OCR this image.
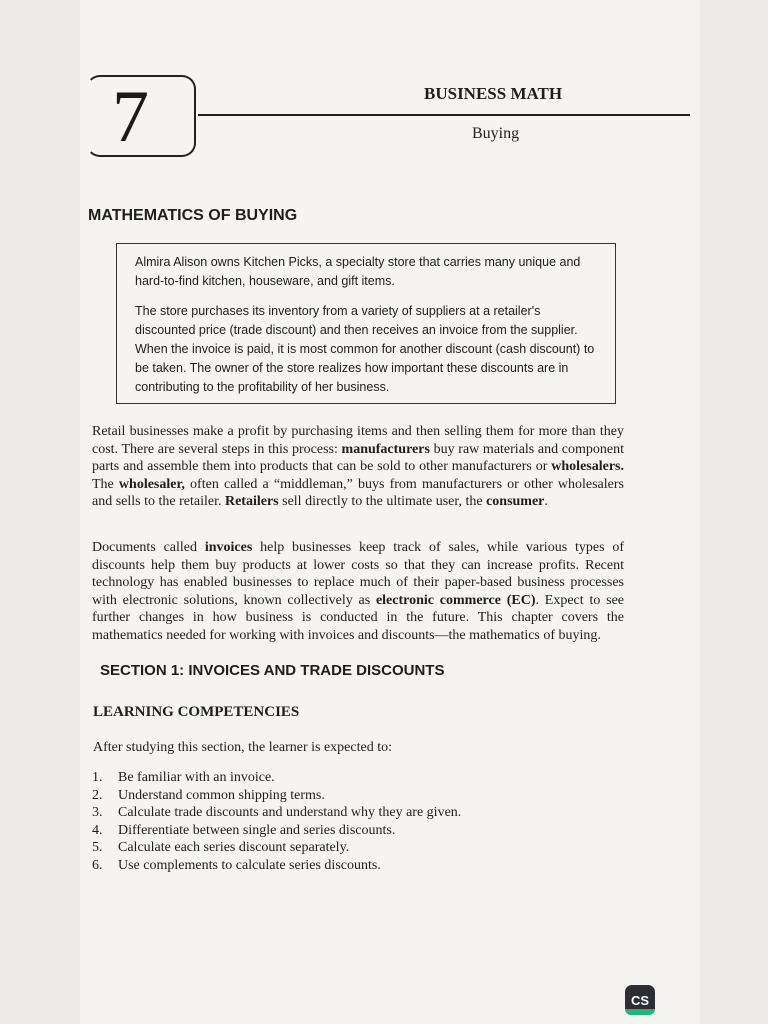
7	BUSINESS MATH
Buying
MATHEMATICS OF BUYING

Almira Alison owns Kitchen Picks, a specialty store that carries many unique and hard-to-find kitchen, houseware, and gift items.

The store purchases its inventory from a variety of suppliers at a retailer's discounted price (trade discount) and then receives an invoice from the supplier. When the invoice is paid, it is most common for another discount (cash discount) to be taken. The owner of the store realizes how important these discounts are in contributing to the profitability of her business.

Retail businesses make a profit by purchasing items and then selling them for more than they cost. There are several steps in this process: manufacturers buy raw materials and component parts and assemble them into products that can be sold to other manufacturers or wholesalers. The wholesaler, often called a “middleman,” buys from manufacturers or other wholesalers and sells to the retailer. Retailers sell directly to the ultimate user, the consumer.

Documents called invoices help businesses keep track of sales, while various types of discounts help them buy products at lower costs so that they can increase profits. Recent technology has enabled businesses to replace much of their paper-based business processes with electronic solutions, known collectively as electronic commerce (EC). Expect to see further changes in how business is conducted in the future. This chapter covers the mathematics needed for working with invoices and discounts—the mathematics of buying.

SECTION 1: INVOICES AND TRADE DISCOUNTS
LEARNING COMPETENCIES

After studying this section, the learner is expected to:

1.	Be familiar with an invoice.
2.	Understand common shipping terms.
3.	Calculate trade discounts and understand why they are given.
4.	Differentiate between single and series discounts.
5.	Calculate each series discount separately.
6.	Use complements to calculate series discounts.
CS
